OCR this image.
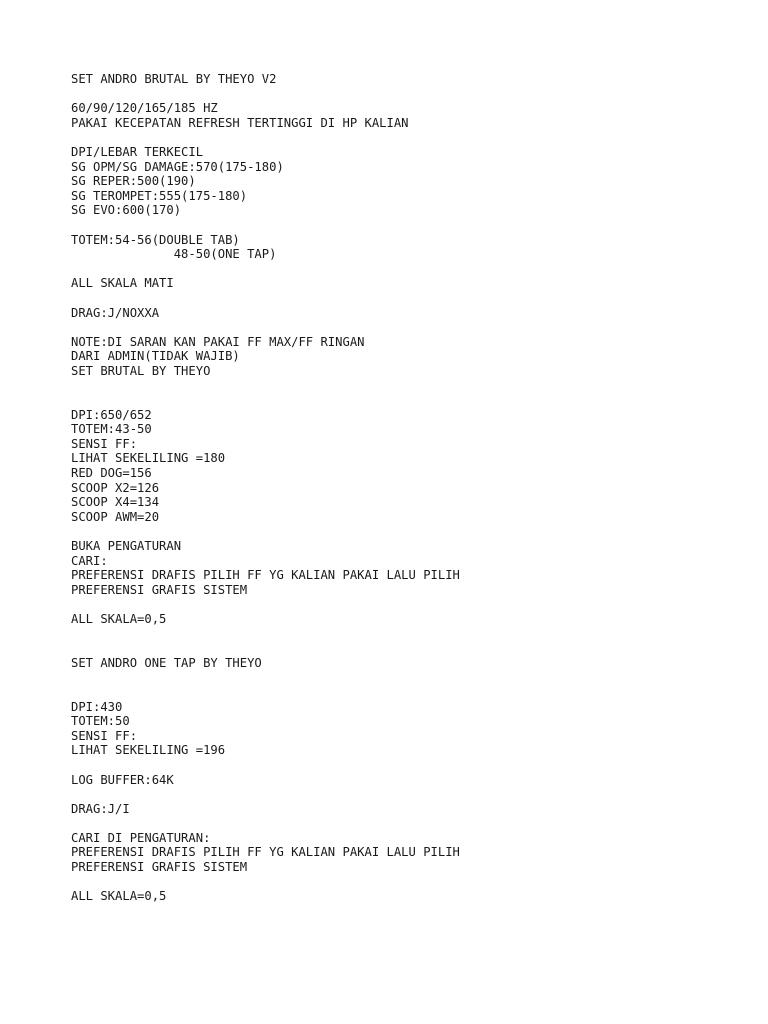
SET ANDRO BRUTAL BY THEYO V2
60/90/120/165/185 HZ
PAKAI KECEPATAN REFRESH TERTINGGI DI HP KALIAN
DPI/LEBAR TERKECIL
SG OPM/SG DAMAGE:570(175-180)
SG REPER:500(190)
SG TEROMPET:555(175-180)
SG EVO:600(170)
TOTEM:54-56(DOUBLE TAB)
48-50(ONE TAP)
ALL SKALA MATI
DRAG:J/NOXXA
NOTE:DI SARAN KAN PAKAI FF MAX/FF RINGAN
DARI ADMIN(TIDAK WAJIB)
SET BRUTAL BY THEYO
DPI:650/652
TOTEM:43-50
SENSI FF:
LIHAT SEKELILING =180
RED DOG=156
SCOOP X2=126
SCOOP X4=134
SCOOP AWM=20
BUKA PENGATURAN
CARI:
PREFERENSI DRAFIS PILIH FF YG KALIAN PAKAI LALU PILIH
PREFERENSI GRAFIS SISTEM
ALL SKALA=0,5
SET ANDRO ONE TAP BY THEYO
DPI:430
TOTEM:50
SENSI FF:
LIHAT SEKELILING =196
LOG BUFFER:64K
DRAG:J/I
CARI DI PENGATURAN:
PREFERENSI DRAFIS PILIH FF YG KALIAN PAKAI LALU PILIH
PREFERENSI GRAFIS SISTEM
ALL SKALA=0,5
